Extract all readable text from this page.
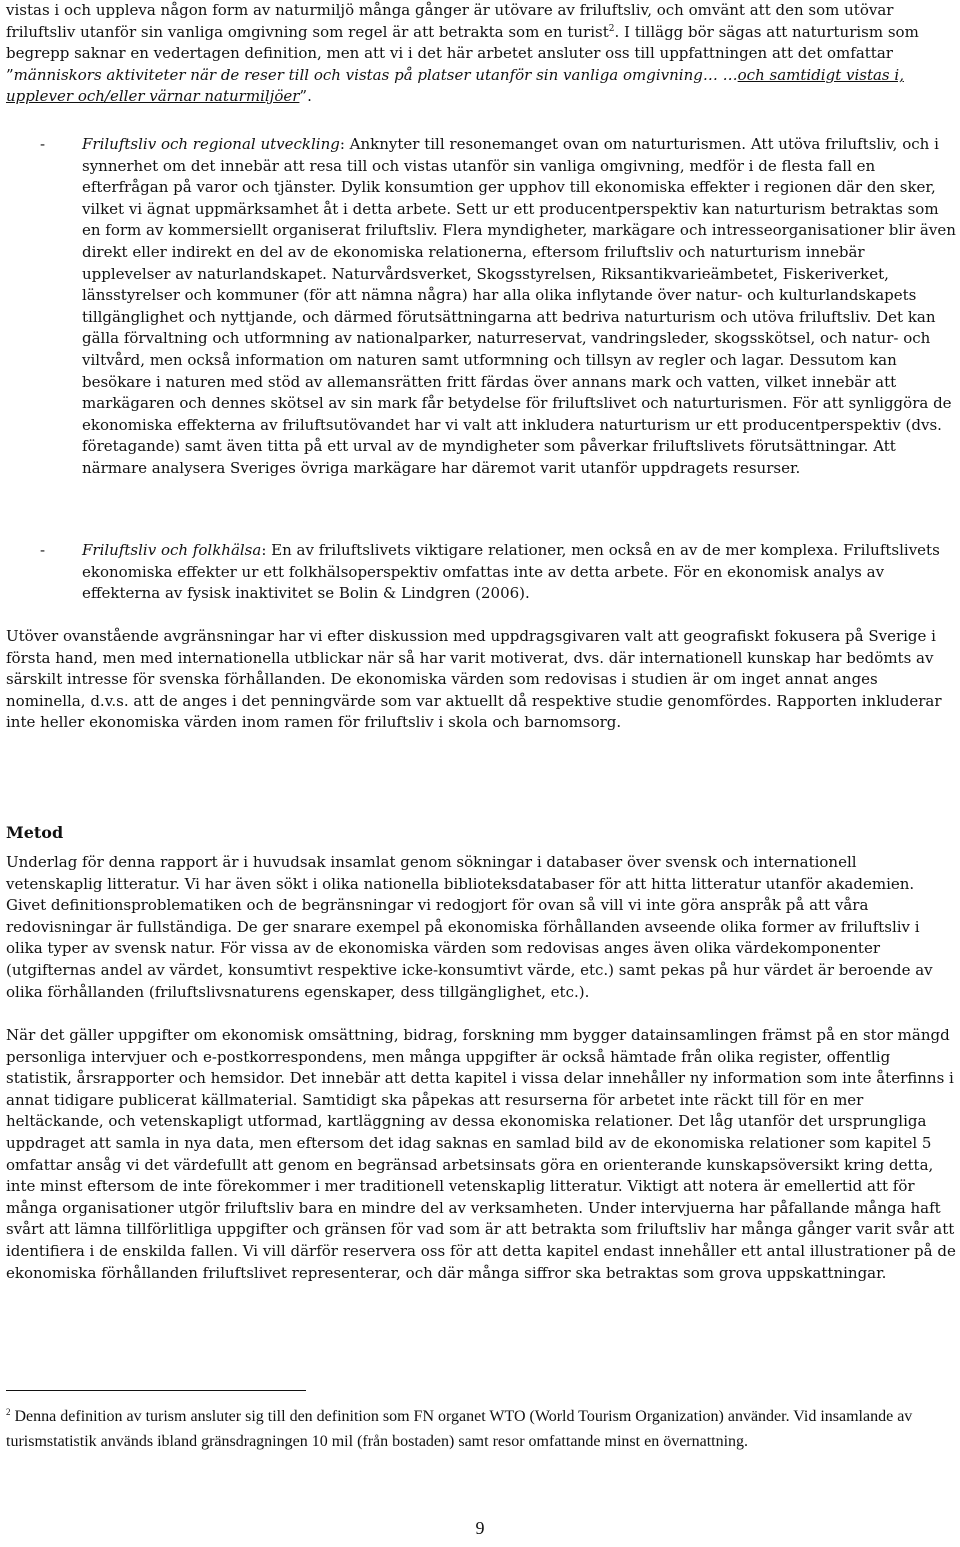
vistas i och uppleva någon form av naturmiljö många gånger är utövare av friluftsliv, och omvänt att den som utövar friluftsliv utanför sin vanliga omgivning som regel är att betrakta som en turist$^2$. I tillägg bör sägas att naturturism som begrepp saknar en vedertagen definition, men att vi i det här arbetet ansluter oss till uppfattningen att det omfattar ”människors aktiviteter när de reser till och vistas på platser utanför sin vanliga omgivning… …och samtidigt vistas i, upplever och/eller värnar naturmiljöer”.

- Friluftsliv och regional utveckling: Anknyter till resonemanget ovan om naturturismen. Att utöva friluftsliv, och i synnerhet om det innebär att resa till och vistas utanför sin vanliga omgivning, medför i de flesta fall en efterfrågan på varor och tjänster. Dylik konsumtion ger upphov till ekonomiska effekter i regionen där den sker, vilket vi ägnat uppmärksamhet åt i detta arbete. Sett ur ett producentperspektiv kan naturturism betraktas som en form av kommersiellt organiserat friluftsliv. Flera myndigheter, markägare och intresseorganisationer blir även direkt eller indirekt en del av de ekonomiska relationerna, eftersom friluftsliv och naturturism innebär upplevelser av naturlandskapet. Naturvårdsverket, Skogsstyrelsen, Riksantikvarieämbetet, Fiskeriverket, länsstyrelser och kommuner (för att nämna några) har alla olika inflytande över natur- och kulturlandskapets tillgänglighet och nyttjande, och därmed förutsättningarna att bedriva naturturism och utöva friluftsliv. Det kan gälla förvaltning och utformning av nationalparker, naturreservat, vandringsleder, skogsskötsel, och natur- och viltvård, men också information om naturen samt utformning och tillsyn av regler och lagar. Dessutom kan besökare i naturen med stöd av allemansrätten fritt färdas över annans mark och vatten, vilket innebär att markägaren och dennes skötsel av sin mark får betydelse för friluftslivet och naturturismen. För att synliggöra de ekonomiska effekterna av friluftsutövandet har vi valt att inkludera naturturism ur ett producentperspektiv (dvs. företagande) samt även titta på ett urval av de myndigheter som påverkar friluftslivets förutsättningar. Att närmare analysera Sveriges övriga markägare har däremot varit utanför uppdragets resurser.
- Friluftsliv och folkhälsa: En av friluftslivets viktigare relationer, men också en av de mer komplexa. Friluftslivets ekonomiska effekter ur ett folkhälsoperspektiv omfattas inte av detta arbete. För en ekonomisk analys av effekterna av fysisk inaktivitet se Bolin & Lindgren (2006).

Utöver ovanstående avgränsningar har vi efter diskussion med uppdragsgivaren valt att geografiskt fokusera på Sverige i första hand, men med internationella utblickar när så har varit motiverat, dvs. där internationell kunskap har bedömts av särskilt intresse för svenska förhållanden. De ekonomiska värden som redovisas i studien är om inget annat anges nominella, d.v.s. att de anges i det penningvärde som var aktuellt då respektive studie genomfördes. Rapporten inkluderar inte heller ekonomiska värden inom ramen för friluftsliv i skola och barnomsorg.

Metod

Underlag för denna rapport är i huvudsak insamlat genom sökningar i databaser över svensk och internationell vetenskaplig litteratur. Vi har även sökt i olika nationella biblioteksdatabaser för att hitta litteratur utanför akademien. Givet definitionsproblematiken och de begränsningar vi redogjort för ovan så vill vi inte göra anspråk på att våra redovisningar är fullständiga. De ger snarare exempel på ekonomiska förhållanden avseende olika former av friluftsliv i olika typer av svensk natur. För vissa av de ekonomiska värden som redovisas anges även olika värdekomponenter (utgifternas andel av värdet, konsumtivt respektive icke-konsumtivt värde, etc.) samt pekas på hur värdet är beroende av olika förhållanden (friluftslivsnaturens egenskaper, dess tillgänglighet, etc.).

När det gäller uppgifter om ekonomisk omsättning, bidrag, forskning mm bygger datainsamlingen främst på en stor mängd personliga intervjuer och e-postkorrespondens, men många uppgifter är också hämtade från olika register, offentlig statistik, årsrapporter och hemsidor. Det innebär att detta kapitel i vissa delar innehåller ny information som inte återfinns i annat tidigare publicerat källmaterial. Samtidigt ska påpekas att resurserna för arbetet inte räckt till för en mer heltäckande, och vetenskapligt utformad, kartläggning av dessa ekonomiska relationer. Det låg utanför det ursprungliga uppdraget att samla in nya data, men eftersom det idag saknas en samlad bild av de ekonomiska relationer som kapitel 5 omfattar ansåg vi det värdefullt att genom en begränsad arbetsinsats göra en orienterande kunskapsöversikt kring detta, inte minst eftersom de inte förekommer i mer traditionell vetenskaplig litteratur. Viktigt att notera är emellertid att för många organisationer utgör friluftsliv bara en mindre del av verksamheten. Under intervjuerna har påfallande många haft svårt att lämna tillförlitliga uppgifter och gränsen för vad som är att betrakta som friluftsliv har många gånger varit svår att identifiera i de enskilda fallen. Vi vill därför reservera oss för att detta kapitel endast innehåller ett antal illustrationer på de ekonomiska förhållanden friluftslivet representerar, och där många siffror ska betraktas som grova uppskattningar.

$^2$ Denna definition av turism ansluter sig till den definition som FN organet WTO (World Tourism Organization) använder. Vid insamlande av turismstatistik används ibland gränsdragningen 10 mil (från bostaden) samt resor omfattande minst en övernattning.
9
